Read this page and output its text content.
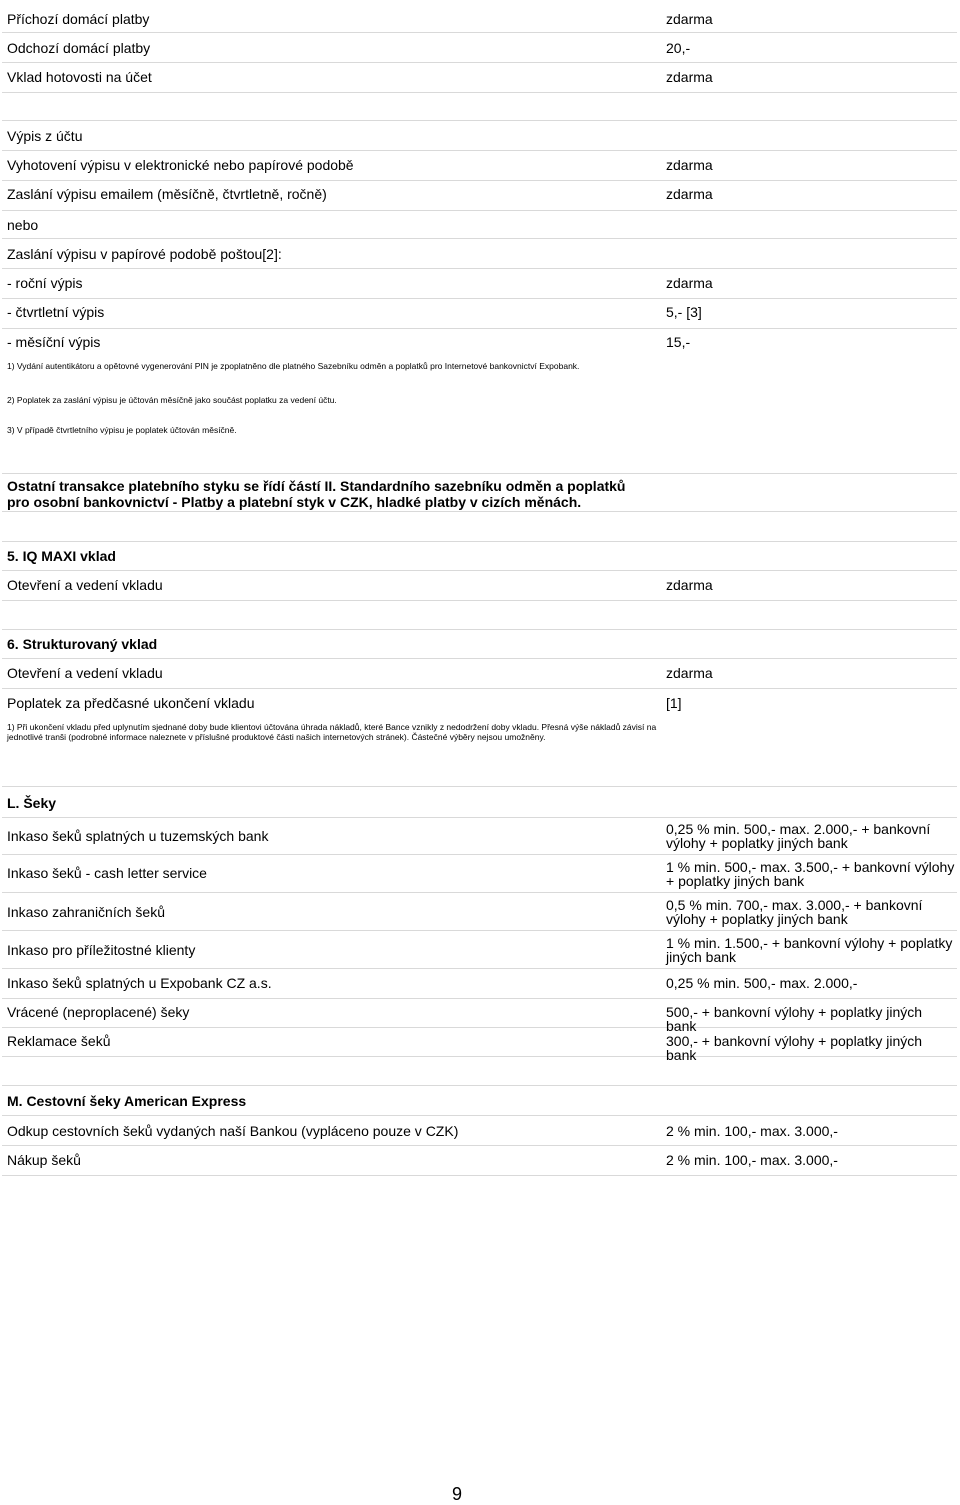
Příchozí domácí platby	zdarma
Odchozí domácí platby	20,-
Vklad hotovosti na účet	zdarma
Výpis z účtu
Vyhotovení výpisu v elektronické nebo papírové podobě	zdarma
Zaslání výpisu emailem (měsíčně, čtvrtletně, ročně)	zdarma
nebo
Zaslání výpisu v papírové podobě poštou[2]:
- roční výpis	zdarma
- čtvrtletní výpis	5,- [3]
- měsíční výpis	15,-
1) Vydání autentikátoru a opětovné vygenerování PIN je zpoplatněno dle platného Sazebníku odměn a poplatků pro Internetové bankovnictví Expobank.
2) Poplatek za zaslání výpisu je účtován měsíčně jako součást poplatku za vedení účtu.
3) V případě čtvrtletního výpisu je poplatek účtován měsíčně.
Ostatní transakce platebního styku se řídí částí II. Standardního sazebníku odměn a poplatků pro osobní bankovnictví - Platby a platební styk v CZK, hladké platby v cizích měnách.
5. IQ MAXI vklad
Otevření a vedení vkladu	zdarma
6. Strukturovaný vklad
Otevření a vedení vkladu	zdarma
Poplatek za předčasné ukončení vkladu	[1]
1) Při ukončení vkladu před uplynutím sjednané doby bude klientovi účtována úhrada nákladů, které Bance vznikly z nedodržení doby vkladu. Přesná výše nákladů závisí na jednotlivé tranši (podrobné informace naleznete v příslušné produktové části našich internetových stránek). Částečné výběry nejsou umožněny.
L. Šeky
Inkaso šeků splatných u tuzemských bank	0,25 % min. 500,- max. 2.000,- + bankovní výlohy + poplatky jiných bank
Inkaso šeků - cash letter service	1 % min. 500,- max. 3.500,- + bankovní výlohy + poplatky jiných bank
Inkaso zahraničních šeků	0,5 % min. 700,- max. 3.000,- + bankovní výlohy + poplatky jiných bank
Inkaso pro příležitostné klienty	1 % min. 1.500,- + bankovní výlohy + poplatky jiných bank
Inkaso šeků splatných u Expobank CZ a.s.	0,25 % min. 500,- max. 2.000,-
Vrácené (neproplacené) šeky	500,- + bankovní výlohy + poplatky jiných bank
Reklamace šeků	300,- + bankovní výlohy + poplatky jiných bank
M. Cestovní šeky American Express
Odkup cestovních šeků vydaných naší Bankou (vypláceno pouze v CZK)	2 % min. 100,- max. 3.000,-
Nákup šeků	2 % min. 100,- max. 3.000,-
9
